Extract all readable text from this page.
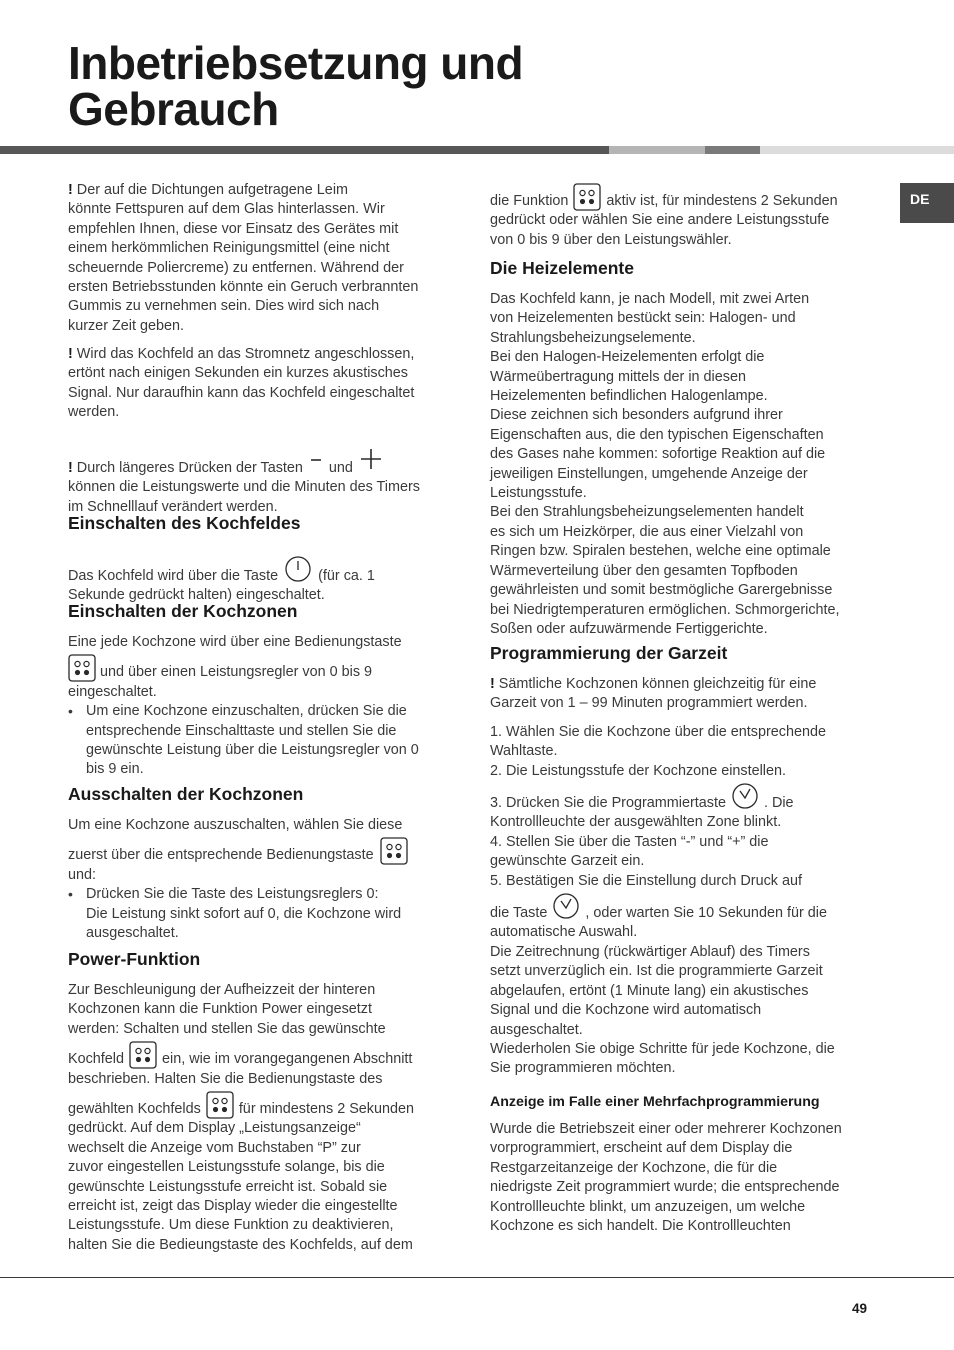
Inbetriebsetzung und
Gebrauch
DE

! Der auf die Dichtungen aufgetragene Leim

könnte Fettspuren auf dem Glas hinterlassen. Wir

empfehlen Ihnen, diese vor Einsatz des Gerätes mit

einem herkömmlichen Reinigungsmittel (eine nicht

scheuernde Poliercreme) zu entfernen. Während der

ersten Betriebsstunden könnte ein Geruch verbrannten

Gummis zu vernehmen sein. Dies wird sich nach

kurzer Zeit geben.

! Wird das Kochfeld an das Stromnetz angeschlossen,

ertönt nach einigen Sekunden ein kurzes akustisches

Signal. Nur daraufhin kann das Kochfeld eingeschaltet

werden.

! Durch längeres Drücken der Tasten und

können die Leistungswerte und die Minuten des Timers

im Schnelllauf verändert werden.

Einschalten des Kochfeldes

Das Kochfeld wird über die Taste	(für ca. 1

Sekunde gedrückt halten) eingeschaltet.

Einschalten der Kochzonen

Eine jede Kochzone wird über eine Bedienungstaste

und über einen Leistungsregler von 0 bis 9

eingeschaltet.

• Um eine Kochzone einzuschalten, drücken Sie die

entsprechende Einschalttaste und stellen Sie die

gewünschte Leistung über die Leistungsregler von 0

bis 9 ein.

Ausschalten der Kochzonen

Um eine Kochzone auszuschalten, wählen Sie diese

zuerst über die entsprechende Bedienungstaste

und:

• Drücken Sie die Taste des Leistungsreglers 0:

Die Leistung sinkt sofort auf 0, die Kochzone wird

ausgeschaltet.

Power-Funktion

Zur Beschleunigung der Aufheizzeit der hinteren

Kochzonen kann die Funktion Power eingesetzt

werden: Schalten und stellen Sie das gewünschte

Kochfeld	ein, wie im vorangegangenen Abschnitt

beschrieben. Halten Sie die Bedienungstaste des

gewählten Kochfelds	für mindestens 2 Sekunden

gedrückt. Auf dem Display „Leistungsanzeige“

wechselt die Anzeige vom Buchstaben “P” zur

zuvor eingestellen Leistungsstufe solange, bis die

gewünschte Leistungsstufe erreicht ist. Sobald sie

erreicht ist, zeigt das Display wieder die eingestellte

Leistungsstufe. Um diese Funktion zu deaktivieren,

halten Sie die Bedieungstaste des Kochfelds, auf dem

die Funktion	aktiv ist, für mindestens 2 Sekunden

gedrückt oder wählen Sie eine andere Leistungsstufe

von 0 bis 9 über den Leistungswähler.

Die Heizelemente

Das Kochfeld kann, je nach Modell, mit zwei Arten

von Heizelementen bestückt sein: Halogen- und

Strahlungsbeheizungselemente.

Bei den Halogen-Heizelementen erfolgt die

Wärmeübertragung mittels der in diesen

Heizelementen befindlichen Halogenlampe.

Diese zeichnen sich besonders aufgrund ihrer

Eigenschaften aus, die den typischen Eigenschaften

des Gases nahe kommen: sofortige Reaktion auf die

jeweiligen Einstellungen, umgehende Anzeige der

Leistungsstufe.

Bei den Strahlungsbeheizungselementen handelt

es sich um Heizkörper, die aus einer Vielzahl von

Ringen bzw. Spiralen bestehen, welche eine optimale

Wärmeverteilung über den gesamten Topfboden

gewährleisten und somit bestmögliche Garergebnisse

bei Niedrigtemperaturen ermöglichen. Schmorgerichte,

Soßen oder aufzuwärmende Fertiggerichte.

Programmierung der Garzeit

! Sämtliche Kochzonen können gleichzeitig für eine

Garzeit von 1 – 99 Minuten programmiert werden.

1. Wählen Sie die Kochzone über die entsprechende

Wahltaste.

2. Die Leistungsstufe der Kochzone einstellen.

3. Drücken Sie die Programmiertaste	. Die

Kontrollleuchte der ausgewählten Zone blinkt.

4. Stellen Sie über die Tasten “-” und “+” die

gewünschte Garzeit ein.

5. Bestätigen Sie die Einstellung durch Druck auf

die Taste	, oder warten Sie 10 Sekunden für die

automatische Auswahl.

Die Zeitrechnung (rückwärtiger Ablauf) des Timers

setzt unverzüglich ein. Ist die programmierte Garzeit

abgelaufen, ertönt (1 Minute lang) ein akustisches

Signal und die Kochzone wird automatisch

ausgeschaltet.

Wiederholen Sie obige Schritte für jede Kochzone, die

Sie programmieren möchten.

Anzeige im Falle einer Mehrfachprogrammierung

Wurde die Betriebszeit einer oder mehrerer Kochzonen

vorprogrammiert, erscheint auf dem Display die

Restgarzeitanzeige der Kochzone, die für die

niedrigste Zeit programmiert wurde; die entsprechende

Kontrollleuchte blinkt, um anzuzeigen, um welche

Kochzone es sich handelt. Die Kontrollleuchten

49
